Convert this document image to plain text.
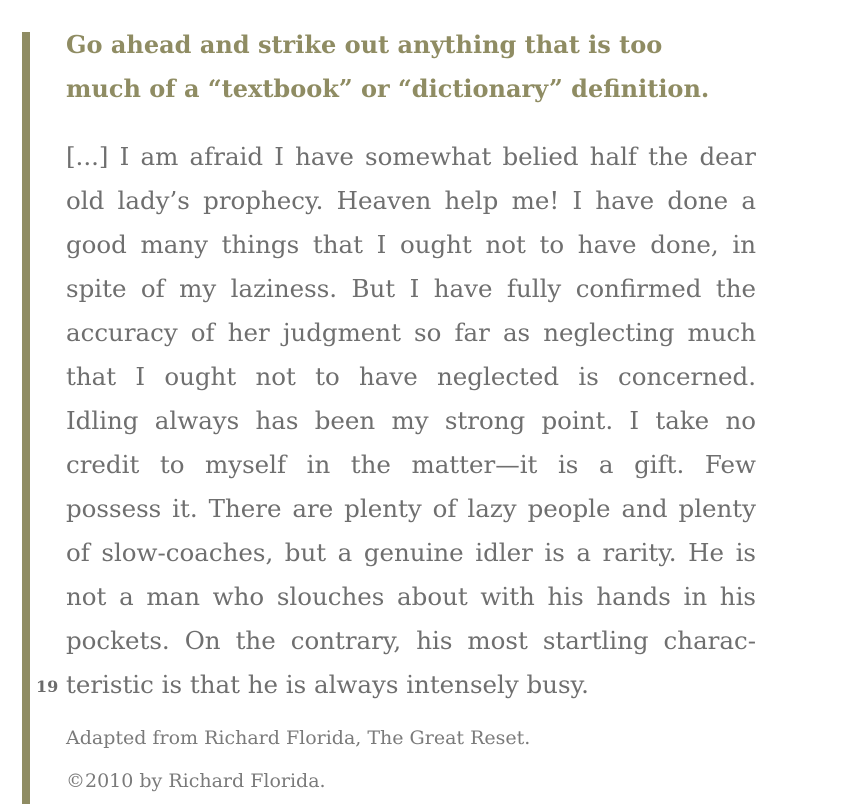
Go ahead and strike out anything that is too
much of a “textbook” or “dictionary” definition.
[...] I am afraid I have somewhat belied half the dear
old lady’s prophecy. Heaven help me! I have done a
good many things that I ought not to have done, in
spite of my laziness. But I have fully confirmed the
accuracy of her judgment so far as neglecting much
that I ought not to have neglected is concerned.
Idling always has been my strong point. I take no
credit to myself in the matter—it is a gift. Few
possess it. There are plenty of lazy people and plenty
of slow-coaches, but a genuine idler is a rarity. He is
not a man who slouches about with his hands in his
pockets. On the contrary, his most startling charac-
teristic is that he is always intensely busy.
19

Adapted from Richard Florida, The Great Reset.

©2010 by Richard Florida.
